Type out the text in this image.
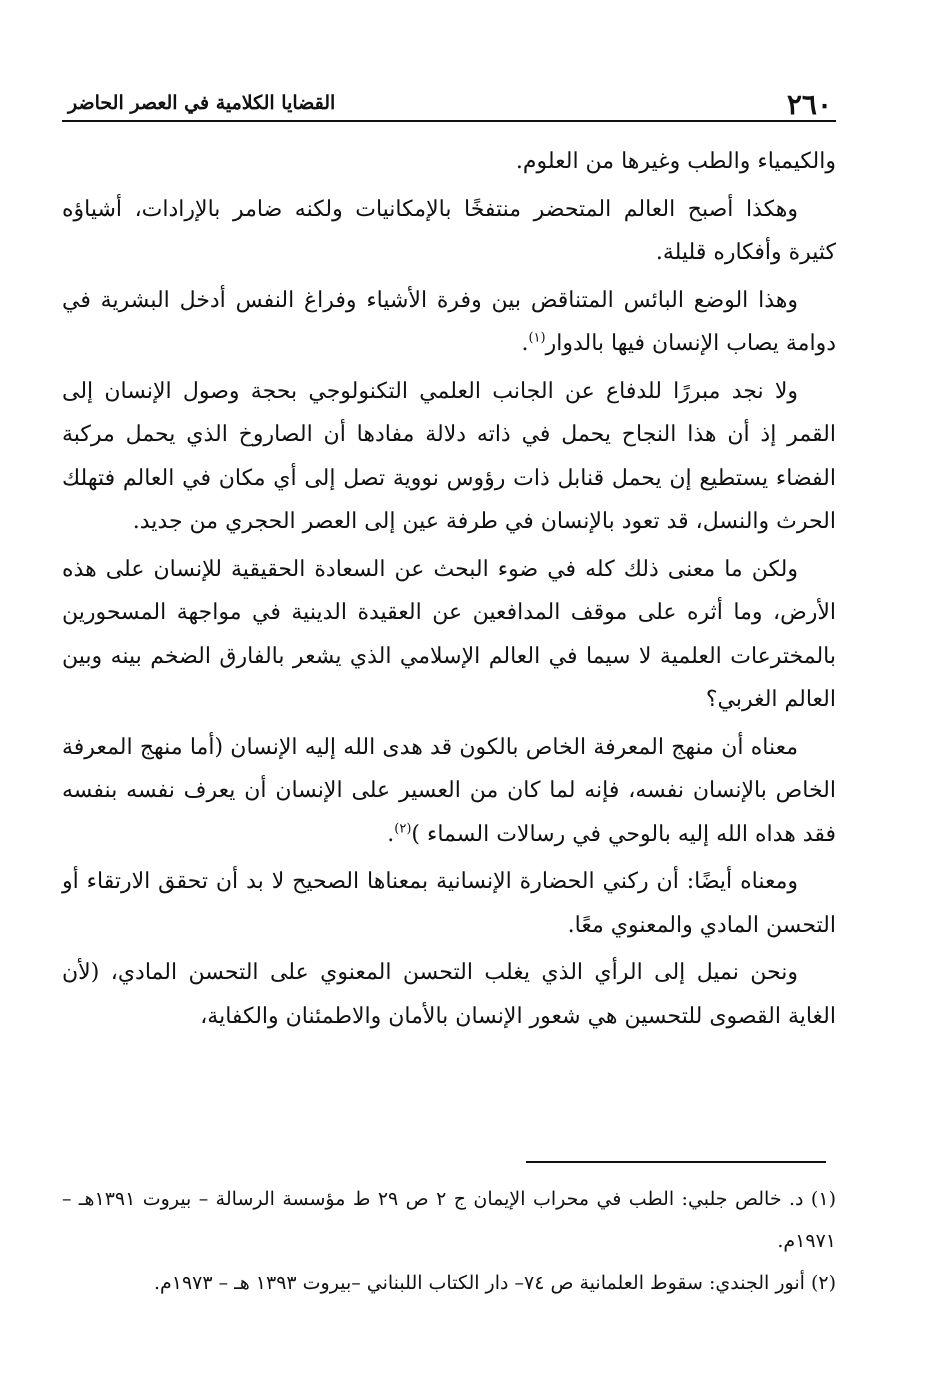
٢٦٠
القضايا الكلامية في العصر الحاضر

والكيمياء والطب وغيرها من العلوم.

وهكذا أصبح العالم المتحضر منتفخًا بالإمكانيات ولكنه ضامر بالإرادات، أشياؤه كثيرة وأفكاره قليلة.

وهذا الوضع البائس المتناقض بين وفرة الأشياء وفراغ النفس أدخل البشرية في دوامة يصاب الإنسان فيها بالدوار$^{(١)}$.

ولا نجد مبررًا للدفاع عن الجانب العلمي التكنولوجي بحجة وصول الإنسان إلى القمر إذ أن هذا النجاح يحمل في ذاته دلالة مفادها أن الصاروخ الذي يحمل مركبة الفضاء يستطيع إن يحمل قنابل ذات رؤوس نووية تصل إلى أي مكان في العالم فتهلك الحرث والنسل، قد تعود بالإنسان في طرفة عين إلى العصر الحجري من جديد.

ولكن ما معنى ذلك كله في ضوء البحث عن السعادة الحقيقية للإنسان على هذه الأرض، وما أثره على موقف المدافعين عن العقيدة الدينية في مواجهة المسحورين بالمخترعات العلمية لا سيما في العالم الإسلامي الذي يشعر بالفارق الضخم بينه وبين العالم الغربي؟

معناه أن منهج المعرفة الخاص بالكون قد هدى الله إليه الإنسان (أما منهج المعرفة الخاص بالإنسان نفسه، فإنه لما كان من العسير على الإنسان أن يعرف نفسه بنفسه فقد هداه الله إليه بالوحي في رسالات السماء )$^{(٢)}$.

ومعناه أيضًا: أن ركني الحضارة الإنسانية بمعناها الصحيح لا بد أن تحقق الارتقاء أو التحسن المادي والمعنوي معًا.

ونحن نميل إلى الرأي الذي يغلب التحسن المعنوي على التحسن المادي، (لأن الغاية القصوى للتحسين هي شعور الإنسان بالأمان والاطمئنان والكفاية،

(١) د. خالص جلبي: الطب في محراب الإيمان ج ٢ ص ٢٩ ط مؤسسة الرسالة – بيروت ١٣٩١هـ – ١٩٧١م.

(٢) أنور الجندي: سقوط العلمانية ص ٧٤– دار الكتاب اللبناني –بيروت ١٣٩٣ هـ – ١٩٧٣م.
